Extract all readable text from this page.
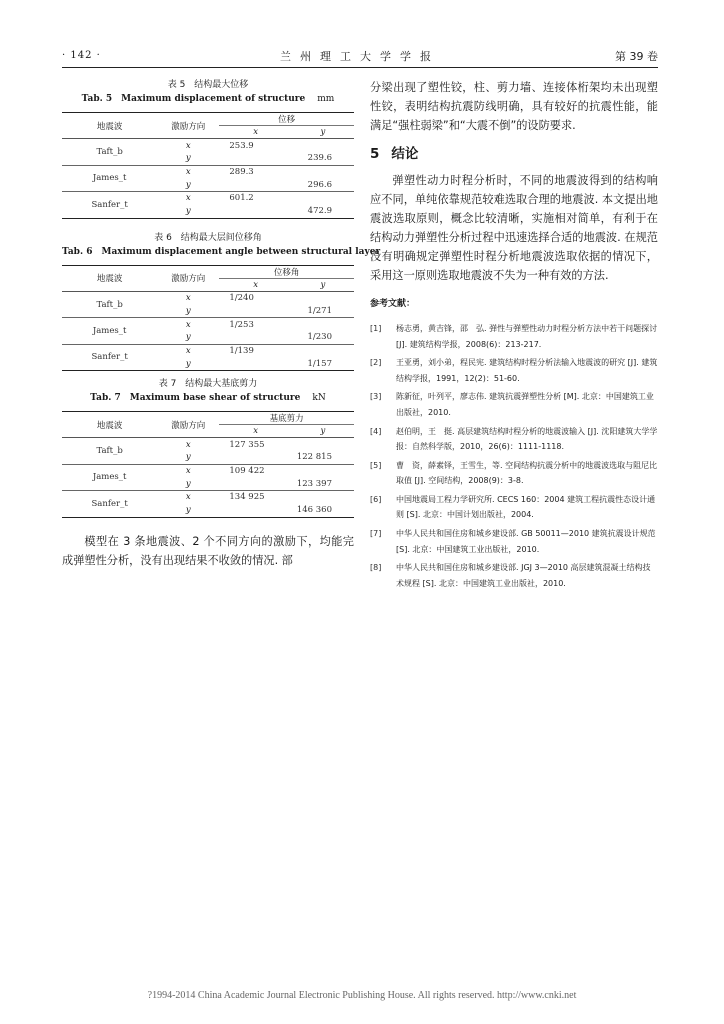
· 142 ·	兰州理工大学学报	第 39 卷
表 5　结构最大位移
Tab. 5　Maximum displacement of structure mm
地震波	激励方向	位移	
		x	y
Taft_b	x	253.9	
	y		239.6
James_t	x	289.3	
	y		296.6
Sanfer_t	x	601.2	
	y		472.9
表 6　结构最大层间位移角
Tab. 6　Maximum displacement angle between structural layer
地震波	激励方向	位移角	
		x	y
Taft_b	x	1/240	
	y		1/271
James_t	x	1/253	
	y		1/230
Sanfer_t	x	1/139	
	y		1/157
表 7　结构最大基底剪力
Tab. 7　Maximum base shear of structure kN
地震波	激励方向	基底剪力	
		x	y
Taft_b	x	127 355	
	y		122 815
James_t	x	109 422	
	y		123 397
Sanfer_t	x	134 925	
	y		146 360
模型在 3 条地震波、2 个不同方向的激励下，均能完成弹塑性分析，没有出现结果不收敛的情况. 部
分梁出现了塑性铰，柱、剪力墙、连接体桁架均未出现塑性铰，表明结构抗震防线明确，具有较好的抗震性能，能满足“强柱弱梁”和“大震不倒”的设防要求.
5 结论
弹塑性动力时程分析时，不同的地震波得到的结构响应不同，单纯依靠规范较难选取合理的地震波. 本文提出地震波选取原则，概念比较清晰，实施相对简单，有利于在结构动力弹塑性分析过程中迅速选择合适的地震波. 在规范没有明确规定弹塑性时程分析地震波选取依据的情况下，采用这一原则选取地震波不失为一种有效的方法.
参考文献：
[1]	杨志勇，黄吉锋，邵　弘. 弹性与弹塑性动力时程分析方法中若干问题探讨 [J]. 建筑结构学报，2008(6)：213-217.
[2]	王亚勇，刘小弟，程民宪. 建筑结构时程分析法输入地震波的研究 [J]. 建筑结构学报，1991，12(2)：51-60.
[3]	陈新征，叶列平，廖志伟. 建筑抗震弹塑性分析 [M]. 北京：中国建筑工业出版社，2010.
[4]	赵伯明，王　挺. 高层建筑结构时程分析的地震波输入 [J]. 沈阳建筑大学学报：自然科学版，2010，26(6)：1111-1118.
[5]	曹　资，薛素铎，王雪生，等. 空间结构抗震分析中的地震波选取与阻尼比取值 [J]. 空间结构，2008(9)：3-8.
[6]	中国地震局工程力学研究所. CECS 160：2004 建筑工程抗震性态设计通则 [S]. 北京：中国计划出版社，2004.
[7]	中华人民共和国住房和城乡建设部. GB 50011—2010 建筑抗震设计规范 [S]. 北京：中国建筑工业出版社，2010.
[8]	中华人民共和国住房和城乡建设部. JGJ 3—2010 高层建筑混凝土结构技术规程 [S]. 北京：中国建筑工业出版社，2010.
?1994-2014 China Academic Journal Electronic Publishing House. All rights reserved. http://www.cnki.net
